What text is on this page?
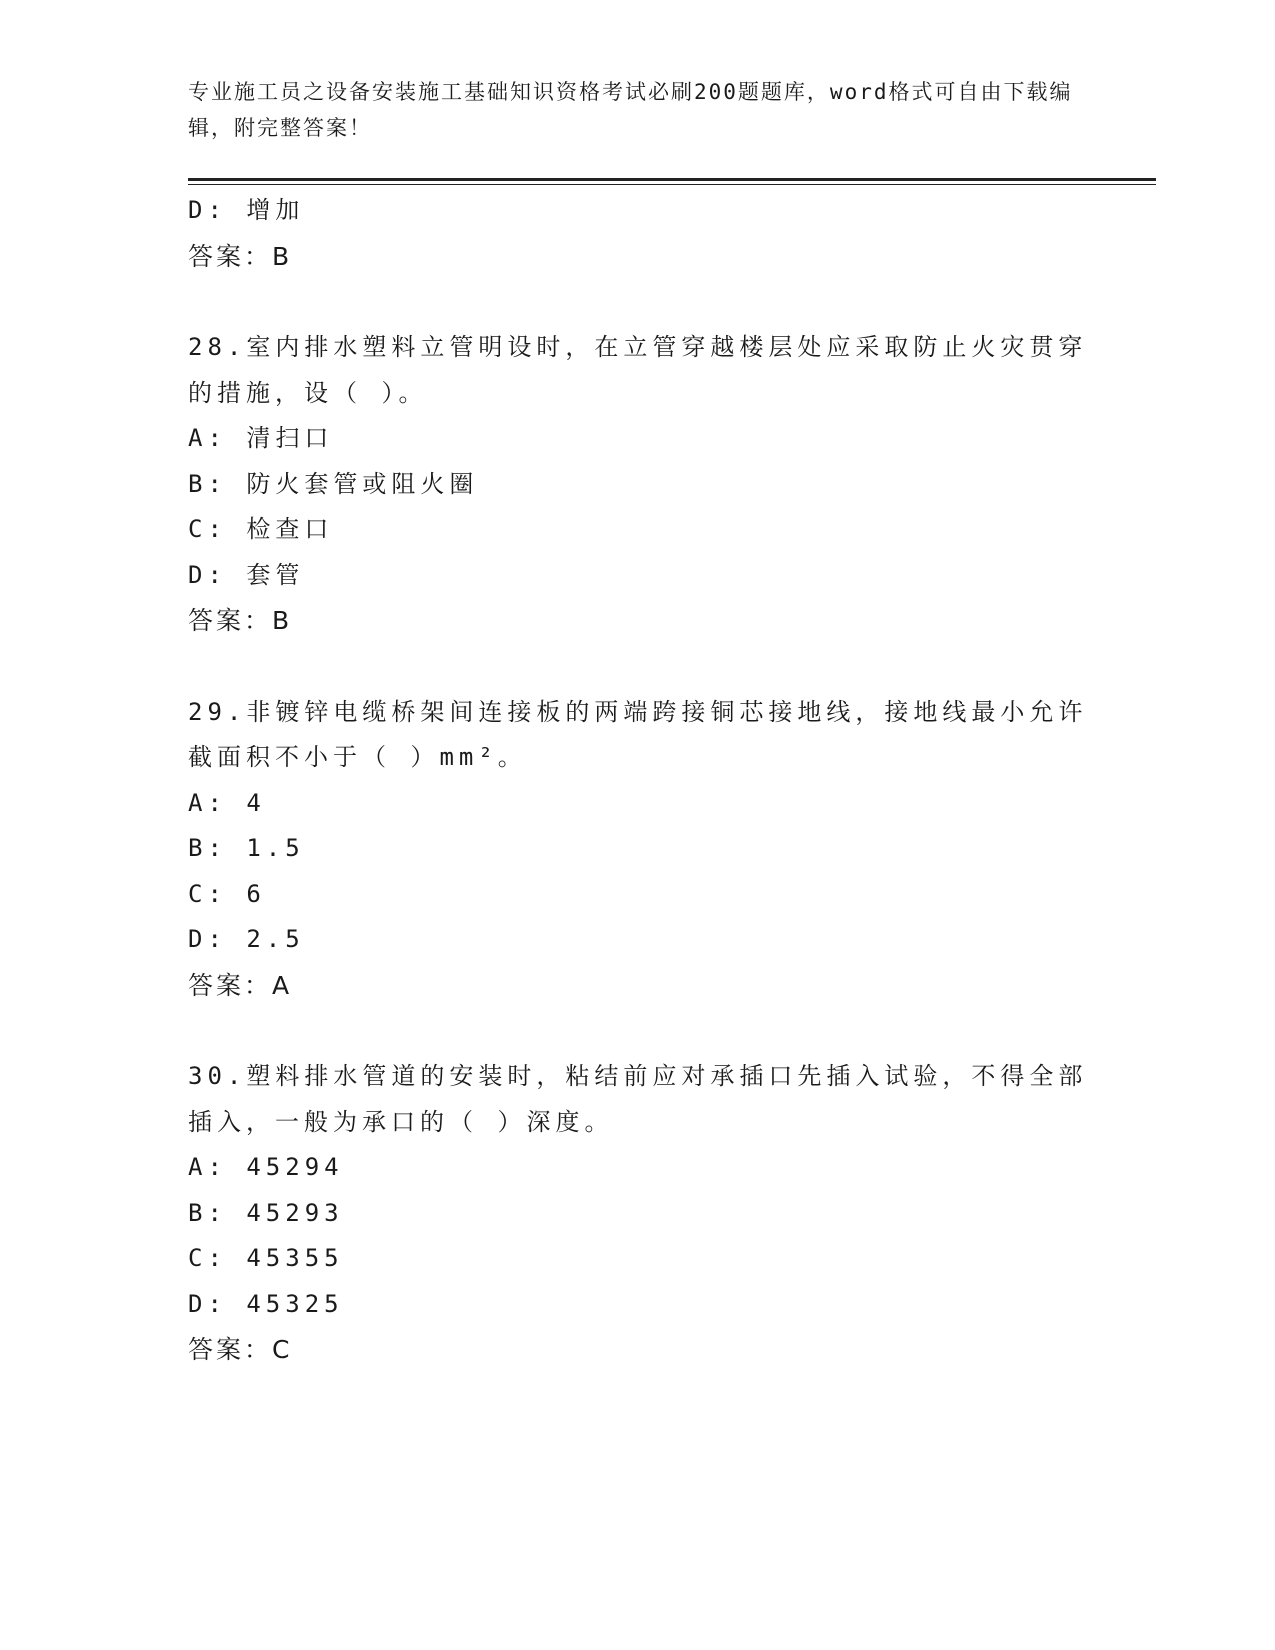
专业施工员之设备安装施工基础知识资格考试必刷200题题库，word格式可自由下载编辑，附完整答案！
D: 增加
答案：B
28.室内排水塑料立管明设时，在立管穿越楼层处应采取防止火灾贯穿的措施，设（ ）。
A: 清扫口
B: 防火套管或阻火圈
C: 检查口
D: 套管
答案：B
29.非镀锌电缆桥架间连接板的两端跨接铜芯接地线，接地线最小允许截面积不小于（ ）mm²。
A: 4
B: 1.5
C: 6
D: 2.5
答案：A
30.塑料排水管道的安装时，粘结前应对承插口先插入试验，不得全部插入，一般为承口的（ ）深度。
A: 45294
B: 45293
C: 45355
D: 45325
答案：C
